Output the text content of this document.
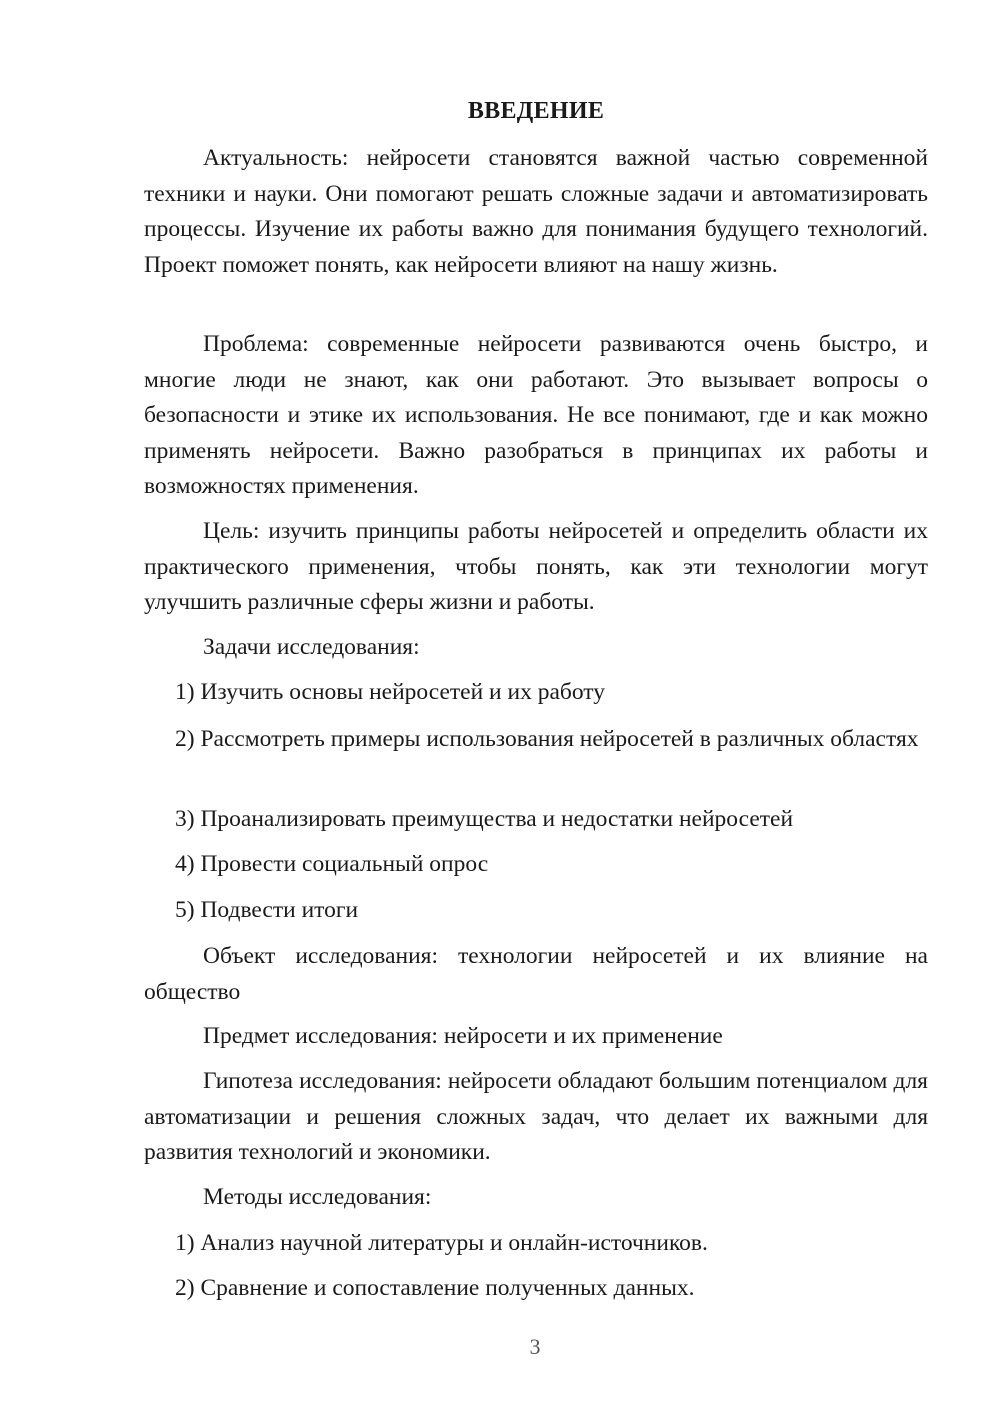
ВВЕДЕНИЕ

Актуальность: нейросети становятся важной частью современной техники и науки. Они помогают решать сложные задачи и автоматизировать процессы. Изучение их работы важно для понимания будущего технологий. Проект поможет понять, как нейросети влияют на нашу жизнь.

Проблема: современные нейросети развиваются очень быстро, и многие люди не знают, как они работают. Это вызывает вопросы о безопасности и этике их использования. Не все понимают, где и как можно применять нейросети. Важно разобраться в принципах их работы и возможностях применения.

Цель: изучить принципы работы нейросетей и определить области их практического применения, чтобы понять, как эти технологии могут улучшить различные сферы жизни и работы.

Задачи исследования:

1) Изучить основы нейросетей и их работу

2) Рассмотреть примеры использования нейросетей в различных областях

3) Проанализировать преимущества и недостатки нейросетей

4) Провести социальный опрос

5) Подвести итоги

Объект исследования: технологии нейросетей и их влияние на общество

Предмет исследования: нейросети и их применение

Гипотеза исследования: нейросети обладают большим потенциалом для автоматизации и решения сложных задач, что делает их важными для развития технологий и экономики.

Методы исследования:

1) Анализ научной литературы и онлайн-источников.

2) Сравнение и сопоставление полученных данных.

3
